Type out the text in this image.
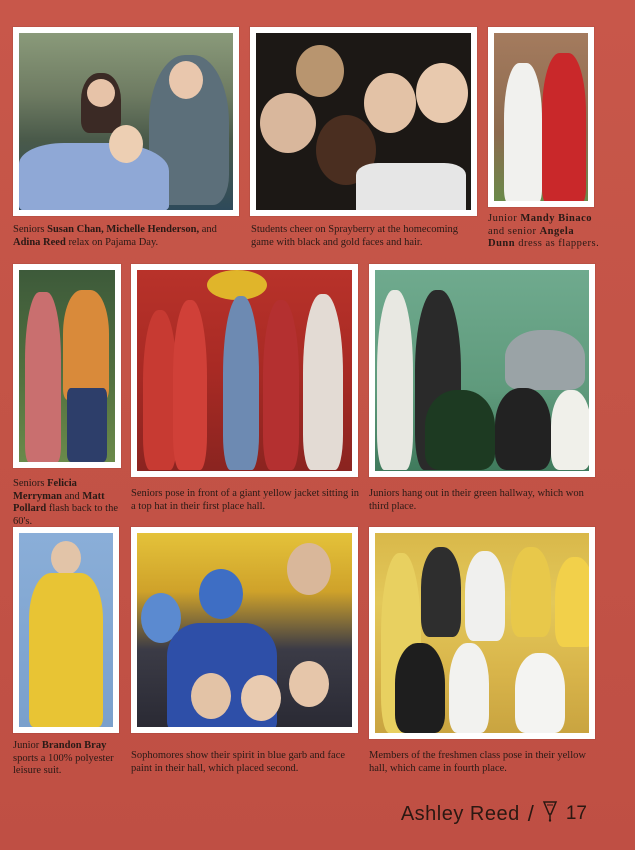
Seniors Susan Chan, Michelle Henderson, and Adina Reed relax on Pajama Day.
Students cheer on Sprayberry at the homecoming game with black and gold faces and hair.
Junior Mandy Binaco and senior Angela Dunn dress as flappers.
Seniors Felicia Merryman and Matt Pollard flash back to the 60's.
Seniors pose in front of a giant yellow jacket sitting in a top hat in their first place hall.
Juniors hang out in their green hallway, which won third place.
Junior Brandon Bray sports a 100% polyester leisure suit.
Sophomores show their spirit in blue garb and face paint in their hall, which placed second.
Members of the freshmen class pose in their yellow hall, which came in fourth place.
Ashley Reed / 17
